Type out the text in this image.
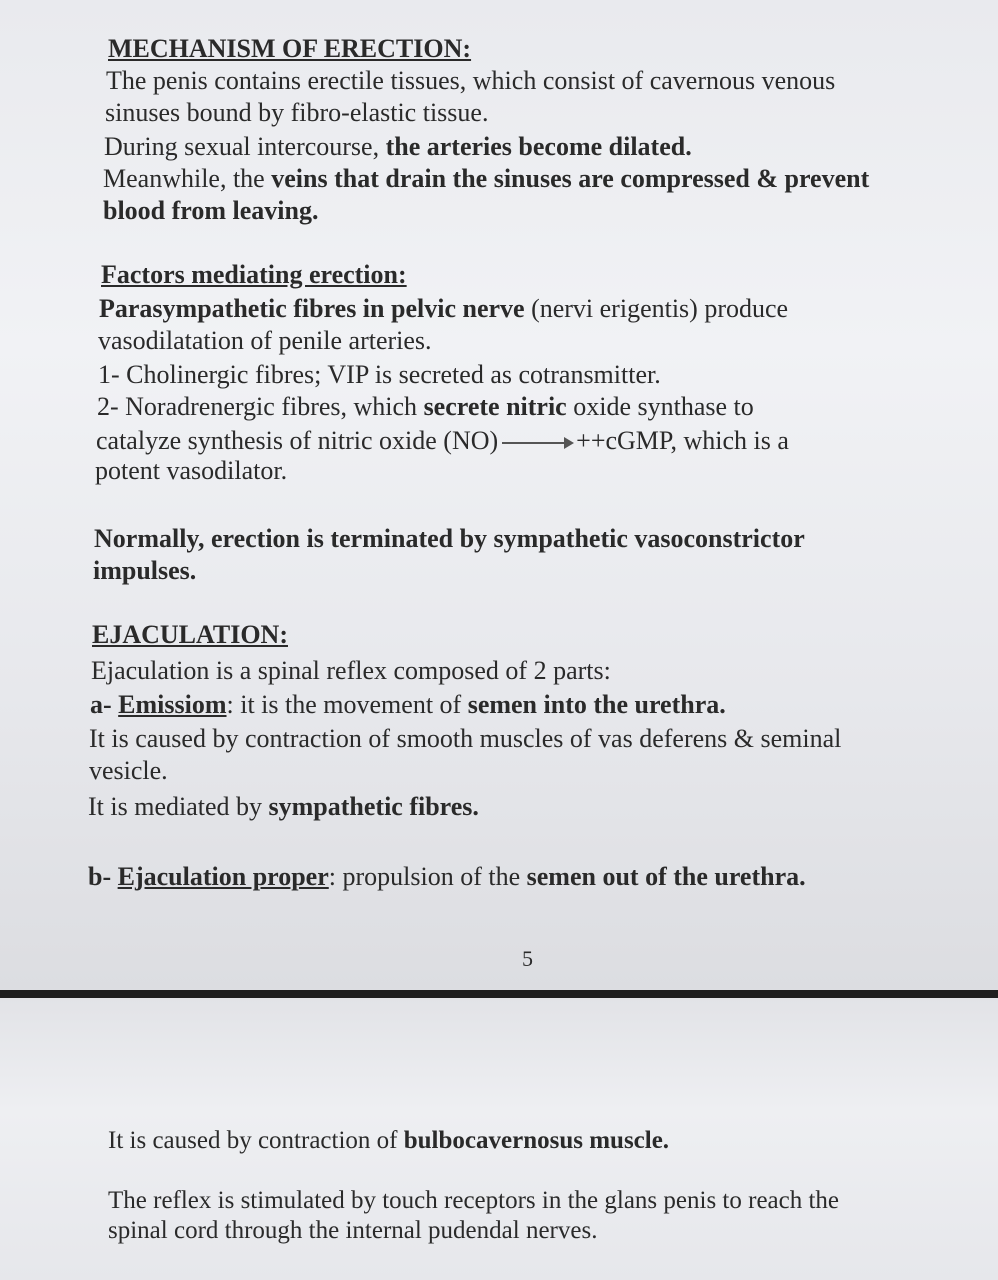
MECHANISM OF ERECTION:
The penis contains erectile tissues, which consist of cavernous venous
sinuses bound by fibro-elastic tissue.
During sexual intercourse, the arteries become dilated.
Meanwhile, the veins that drain the sinuses are compressed & prevent
blood from leaving.
Factors mediating erection:
Parasympathetic fibres in pelvic nerve (nervi erigentis) produce
vasodilatation of penile arteries.
1- Cholinergic fibres; VIP is secreted as cotransmitter.
2- Noradrenergic fibres, which secrete nitric oxide synthase to
catalyze synthesis of nitric oxide (NO)	++cGMP, which is a
potent vasodilator.
Normally, erection is terminated by sympathetic vasoconstrictor
impulses.
EJACULATION:
Ejaculation is a spinal reflex composed of 2 parts:
a- Emissiom: it is the movement of semen into the urethra.
It is caused by contraction of smooth muscles of vas deferens & seminal
vesicle.
It is mediated by sympathetic fibres.
b- Ejaculation proper: propulsion of the semen out of the urethra.
5
It is caused by contraction of bulbocavernosus muscle.
The reflex is stimulated by touch receptors in the glans penis to reach the
spinal cord through the internal pudendal nerves.
